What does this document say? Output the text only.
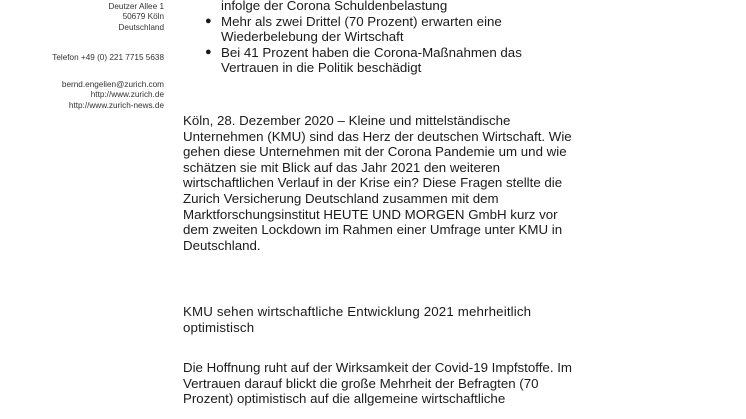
Deutzer Allee 1
50679 Köln
Deutschland
Telefon +49 (0) 221 7715 5638
bernd.engelien@zurich.com
http://www.zurich.de
http://www.zurich-news.de
infolge der Corona Schuldenbelastung
● Mehr als zwei Drittel (70 Prozent) erwarten eine
Wiederbelebung der Wirtschaft
● Bei 41 Prozent haben die Corona-Maßnahmen das
Vertrauen in die Politik beschädigt
Köln, 28. Dezember 2020 – Kleine und mittelständische
Unternehmen (KMU) sind das Herz der deutschen Wirtschaft. Wie
gehen diese Unternehmen mit der Corona Pandemie um und wie
schätzen sie mit Blick auf das Jahr 2021 den weiteren
wirtschaftlichen Verlauf in der Krise ein? Diese Fragen stellte die
Zurich Versicherung Deutschland zusammen mit dem
Marktforschungsinstitut HEUTE UND MORGEN GmbH kurz vor
dem zweiten Lockdown im Rahmen einer Umfrage unter KMU in
Deutschland.
KMU sehen wirtschaftliche Entwicklung 2021 mehrheitlich
optimistisch
Die Hoffnung ruht auf der Wirksamkeit der Covid-19 Impfstoffe. Im
Vertrauen darauf blickt die große Mehrheit der Befragten (70
Prozent) optimistisch auf die allgemeine wirtschaftliche
